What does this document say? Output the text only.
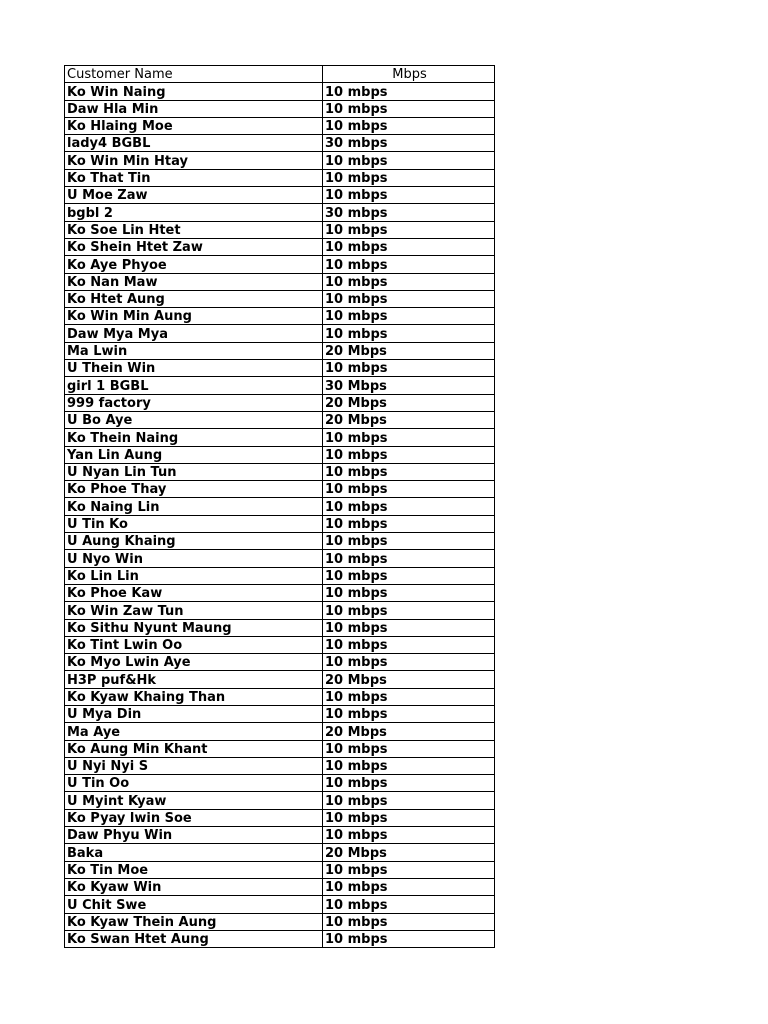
Customer Name	Mbps
Ko Win Naing	10 mbps
Daw Hla Min	10 mbps
Ko Hlaing Moe	10 mbps
lady4 BGBL	30 mbps
Ko Win Min Htay	10 mbps
Ko That Tin	10 mbps
U Moe Zaw	10 mbps
bgbl 2	30 mbps
Ko Soe Lin Htet	10 mbps
Ko Shein Htet Zaw	10 mbps
Ko Aye Phyoe	10 mbps
Ko Nan Maw	10 mbps
Ko Htet Aung	10 mbps
Ko Win Min Aung	10 mbps
Daw Mya Mya	10 mbps
Ma Lwin	20 Mbps
U Thein Win	10 mbps
girl 1 BGBL	30 Mbps
999 factory	20 Mbps
U Bo Aye	20 Mbps
Ko Thein Naing	10 mbps
Yan Lin Aung	10 mbps
U Nyan Lin Tun	10 mbps
Ko Phoe Thay	10 mbps
Ko Naing Lin	10 mbps
U Tin Ko	10 mbps
U Aung Khaing	10 mbps
U Nyo Win	10 mbps
Ko Lin Lin	10 mbps
Ko Phoe Kaw	10 mbps
Ko Win Zaw Tun	10 mbps
Ko Sithu Nyunt Maung	10 mbps
Ko Tint Lwin Oo	10 mbps
Ko Myo Lwin Aye	10 mbps
H3P puf&Hk	20 Mbps
Ko Kyaw Khaing Than	10 mbps
U Mya Din	10 mbps
Ma Aye	20 Mbps
Ko Aung Min Khant	10 mbps
U Nyi Nyi S	10 mbps
U Tin Oo	10 mbps
U Myint Kyaw	10 mbps
Ko Pyay lwin Soe	10 mbps
Daw Phyu Win	10 mbps
Baka	20 Mbps
Ko Tin Moe	10 mbps
Ko Kyaw Win	10 mbps
U Chit Swe	10 mbps
Ko Kyaw Thein Aung	10 mbps
Ko Swan Htet Aung	10 mbps
